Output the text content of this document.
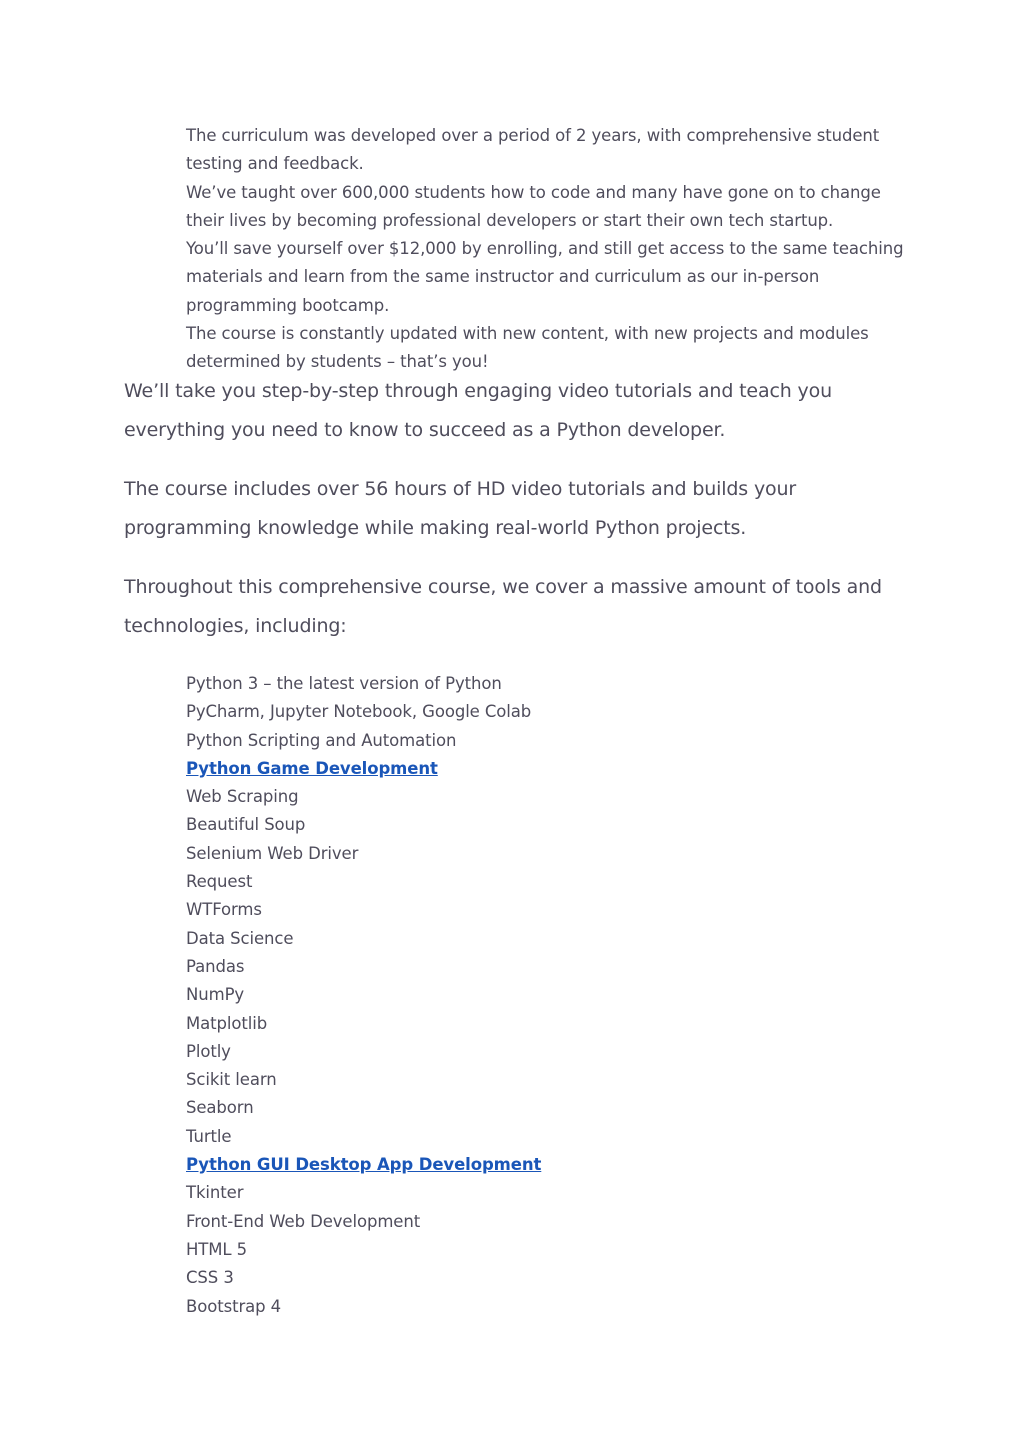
The curriculum was developed over a period of 2 years, with comprehensive student testing and feedback.
We’ve taught over 600,000 students how to code and many have gone on to change their lives by becoming professional developers or start their own tech startup.
You’ll save yourself over $12,000 by enrolling, and still get access to the same teaching materials and learn from the same instructor and curriculum as our in-person programming bootcamp.
The course is constantly updated with new content, with new projects and modules determined by students – that’s you!

We’ll take you step-by-step through engaging video tutorials and teach you everything you need to know to succeed as a Python developer.

The course includes over 56 hours of HD video tutorials and builds your programming knowledge while making real-world Python projects.

Throughout this comprehensive course, we cover a massive amount of tools and technologies, including:

Python 3 – the latest version of Python
PyCharm, Jupyter Notebook, Google Colab
Python Scripting and Automation
Python Game Development
Web Scraping
Beautiful Soup
Selenium Web Driver
Request
WTForms
Data Science
Pandas
NumPy
Matplotlib
Plotly
Scikit learn
Seaborn
Turtle
Python GUI Desktop App Development
Tkinter
Front-End Web Development
HTML 5
CSS 3
Bootstrap 4
